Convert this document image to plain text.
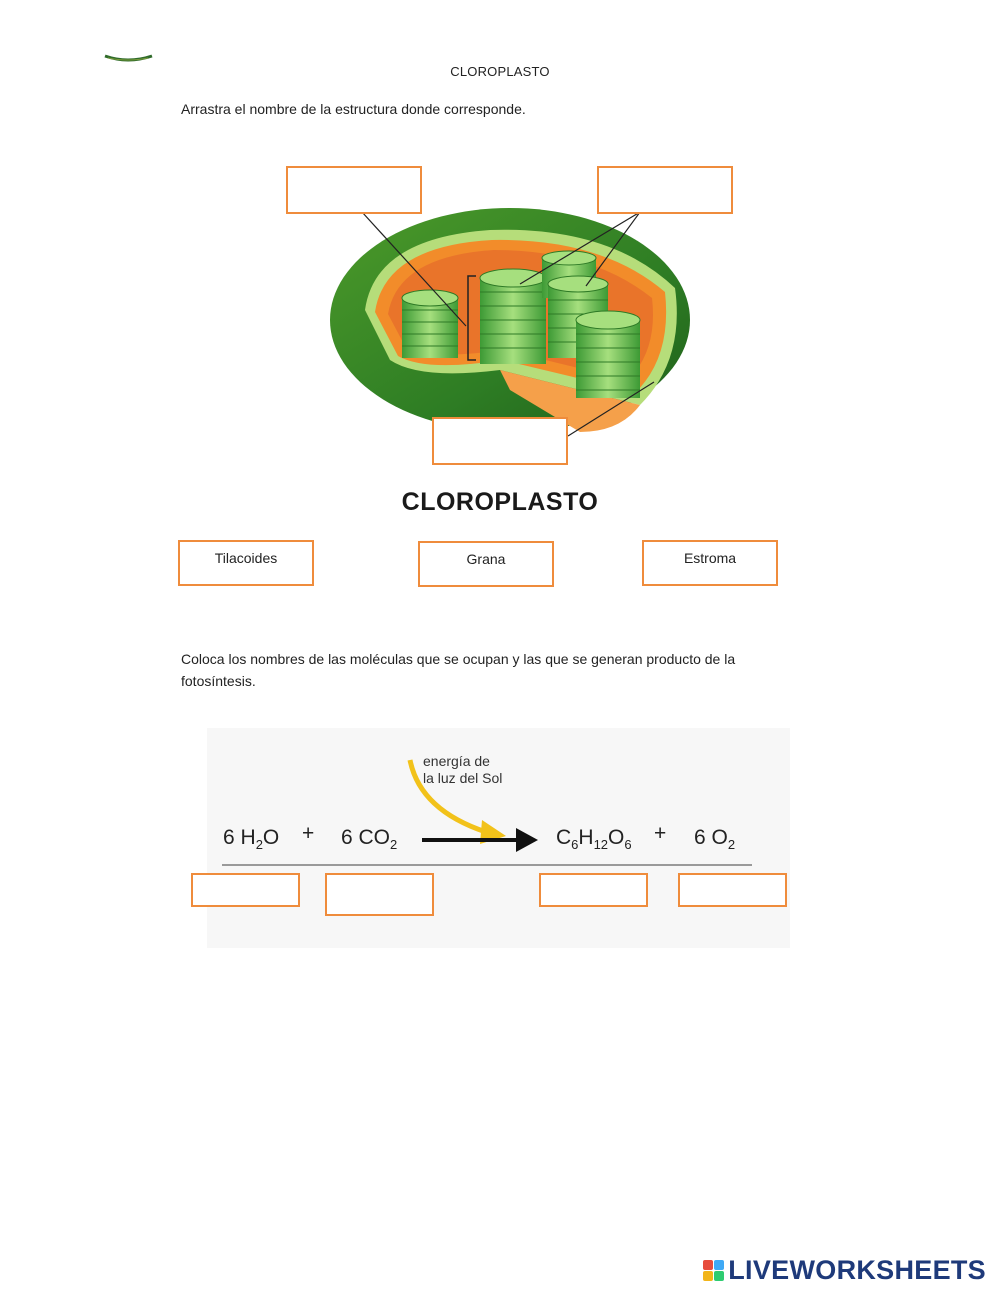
CLOROPLASTO
Arrastra el nombre de la estructura donde corresponde.
CLOROPLASTO
Tilacoides	Grana	Estroma
Coloca los nombres de las moléculas que se ocupan y las que se generan producto de la fotosíntesis.
energía de
la luz del Sol
6 $H_2O + 6$ $CO_2$	$C_6H_{12}O_6 + 6$ $O_2$
LIVEWORKSHEETS
